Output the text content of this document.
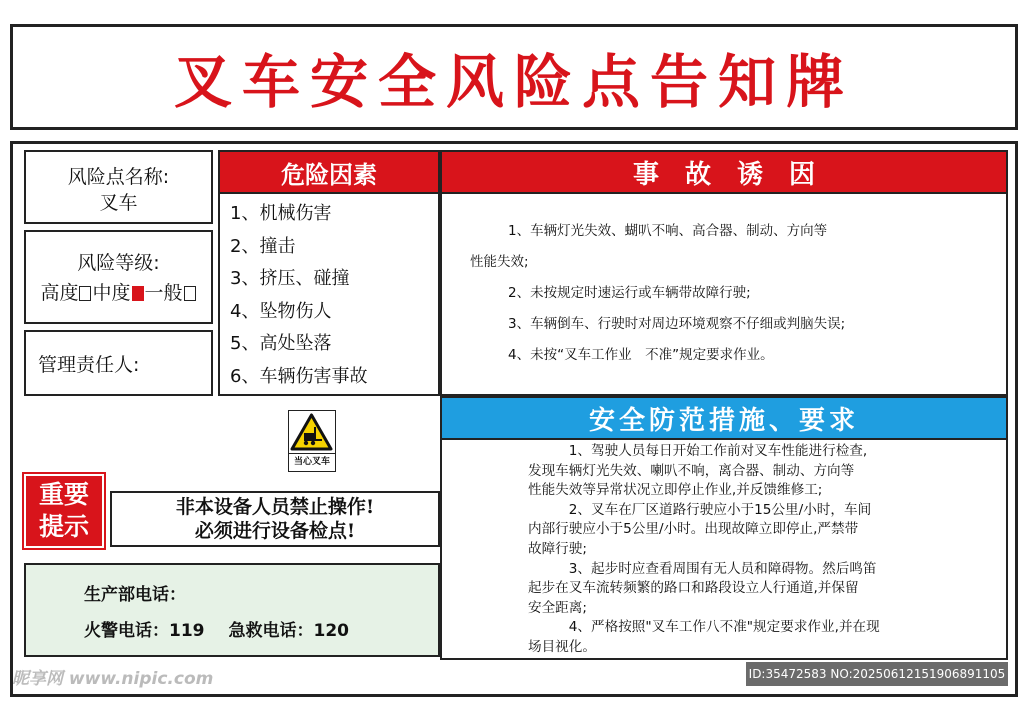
叉车安全风险点告知牌
风险点名称:
叉车
风险等级:
高度 中度 一般
管理责任人:
危险因素
1、机械伤害
2、撞击
3、挤压、碰撞
4、坠物伤人
5、高处坠落
6、车辆伤害事故
事　故　诱　因
1、车辆灯光失效、蝴叭不响、高合器、制动、方向等
性能失效;
2、未按规定时速运行或车辆带故障行驶;
3、车辆倒车、行驶时对周边环境观察不仔细或判脑失误;
4、未按“叉车工作业　不准”规定要求作业。
安全防范措施、要求
　　　1、驾驶人员每日开始工作前对叉车性能进行检查,
发现车辆灯光失效、喇叭不响，离合器、制动、方向等
性能失效等异常状况立即停止作业,并反馈维修工;
　　　2、叉车在厂区道路行驶应小于15公里/小时，车间
内部行驶应小于5公里/小时。出现故障立即停止,严禁带
故障行驶;
　　　3、起步时应查看周围有无人员和障碍物。然后鸣笛
起步在叉车流转频繁的路口和路段设立人行通道,并保留
安全距离;
　　　4、严格按照"叉车工作八不准"规定要求作业,并在现
场目视化。
当心叉车
重要
提示
非本设备人员禁止操作!
必须进行设备检点!
生产部电话：
火警电话：119 急救电话：120
昵享网 www.nipic.com	ID:35472583 NO:20250612151906891105
